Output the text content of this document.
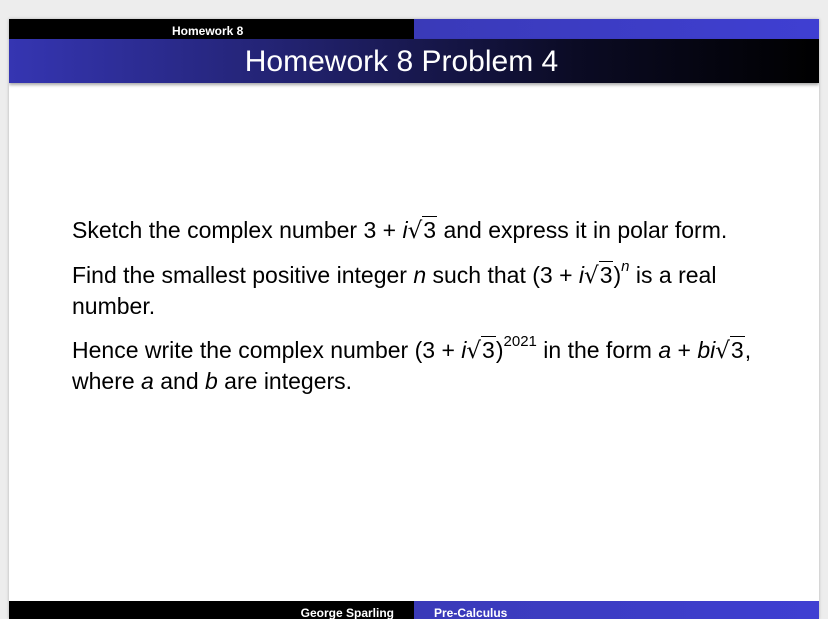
Homework 8
Homework 8 Problem 4

Sketch the complex number 3 + i√3 and express it in polar form.

Find the smallest positive integer n such that $(3 + i√3)^n$ is a real number.

Hence write the complex number $(3 + i√3)^{2021}$ in the form a + bi√3, where a and b are integers.

George Sparling	Pre-Calculus
